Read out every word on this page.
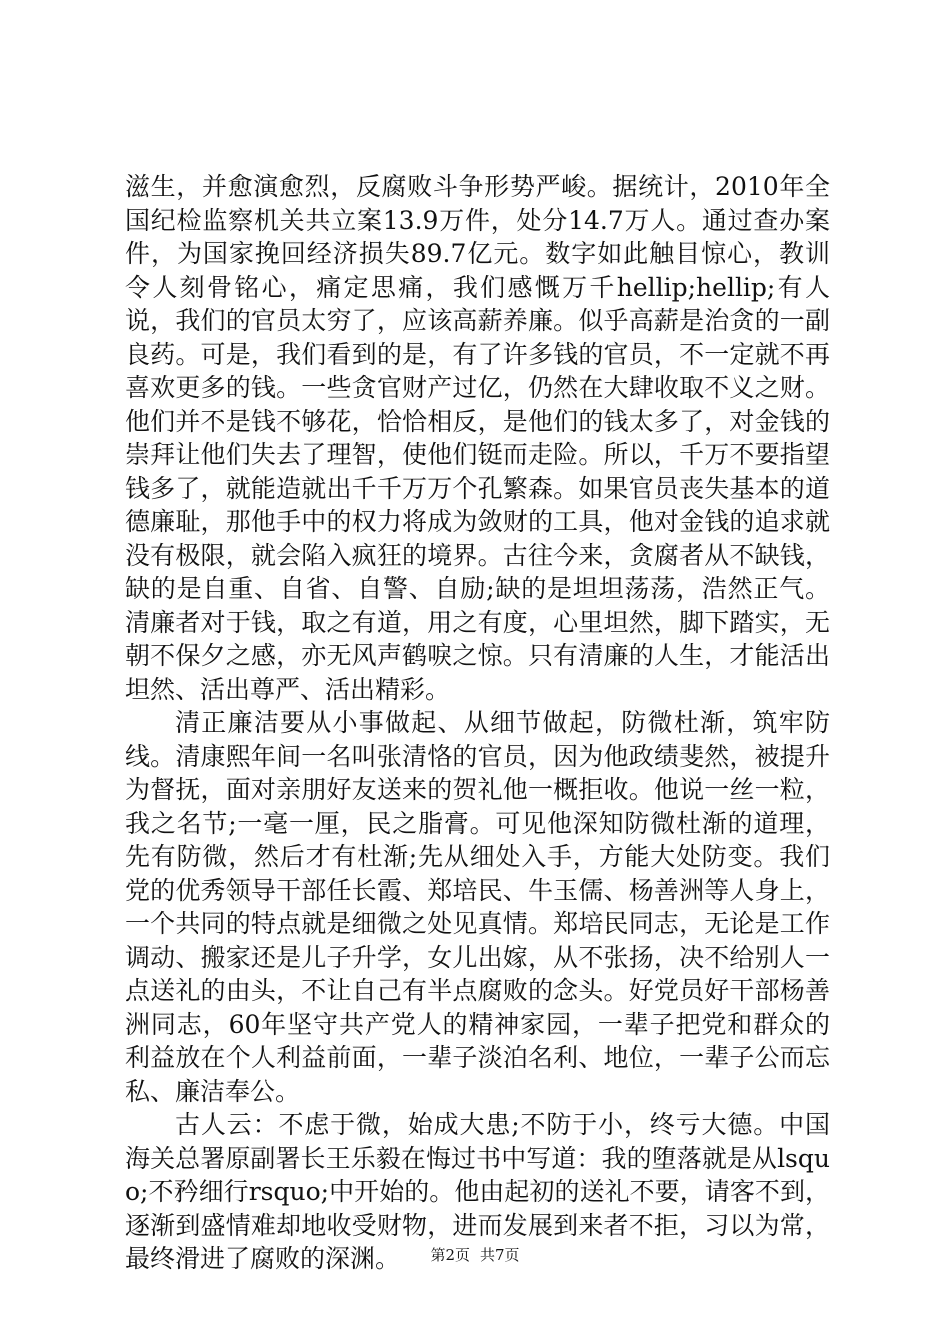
滋生，并愈演愈烈，反腐败斗争形势严峻。据统计，2010年全国纪检监察机关共立案13.9万件，处分14.7万人。通过查办案件，为国家挽回经济损失89.7亿元。数字如此触目惊心，教训令人刻骨铭心，痛定思痛，我们感慨万千hellip;hellip;有人说，我们的官员太穷了，应该高薪养廉。似乎高薪是治贪的一副良药。可是，我们看到的是，有了许多钱的官员，不一定就不再喜欢更多的钱。一些贪官财产过亿，仍然在大肆收取不义之财。他们并不是钱不够花，恰恰相反，是他们的钱太多了，对金钱的崇拜让他们失去了理智，使他们铤而走险。所以，千万不要指望钱多了，就能造就出千千万万个孔繁森。如果官员丧失基本的道德廉耻，那他手中的权力将成为敛财的工具，他对金钱的追求就没有极限，就会陷入疯狂的境界。古往今来，贪腐者从不缺钱，缺的是自重、自省、自警、自励;缺的是坦坦荡荡，浩然正气。清廉者对于钱，取之有道，用之有度，心里坦然，脚下踏实，无朝不保夕之感，亦无风声鹤唳之惊。只有清廉的人生，才能活出坦然、活出尊严、活出精彩。

清正廉洁要从小事做起、从细节做起，防微杜渐，筑牢防线。清康熙年间一名叫张清恪的官员，因为他政绩斐然，被提升为督抚，面对亲朋好友送来的贺礼他一概拒收。他说一丝一粒，我之名节;一毫一厘，民之脂膏。可见他深知防微杜渐的道理，先有防微，然后才有杜渐;先从细处入手，方能大处防变。我们党的优秀领导干部任长霞、郑培民、牛玉儒、杨善洲等人身上，一个共同的特点就是细微之处见真情。郑培民同志，无论是工作调动、搬家还是儿子升学，女儿出嫁，从不张扬，决不给别人一点送礼的由头，不让自己有半点腐败的念头。好党员好干部杨善洲同志，60年坚守共产党人的精神家园，一辈子把党和群众的利益放在个人利益前面，一辈子淡泊名利、地位，一辈子公而忘私、廉洁奉公。

古人云：不虑于微，始成大患;不防于小，终亏大德。中国海关总署原副署长王乐毅在悔过书中写道：我的堕落就是从lsquo;不矜细行rsquo;中开始的。他由起初的送礼不要，请客不到，逐渐到盛情难却地收受财物，进而发展到来者不拒，习以为常，最终滑进了腐败的深渊。	第2页 共7页
